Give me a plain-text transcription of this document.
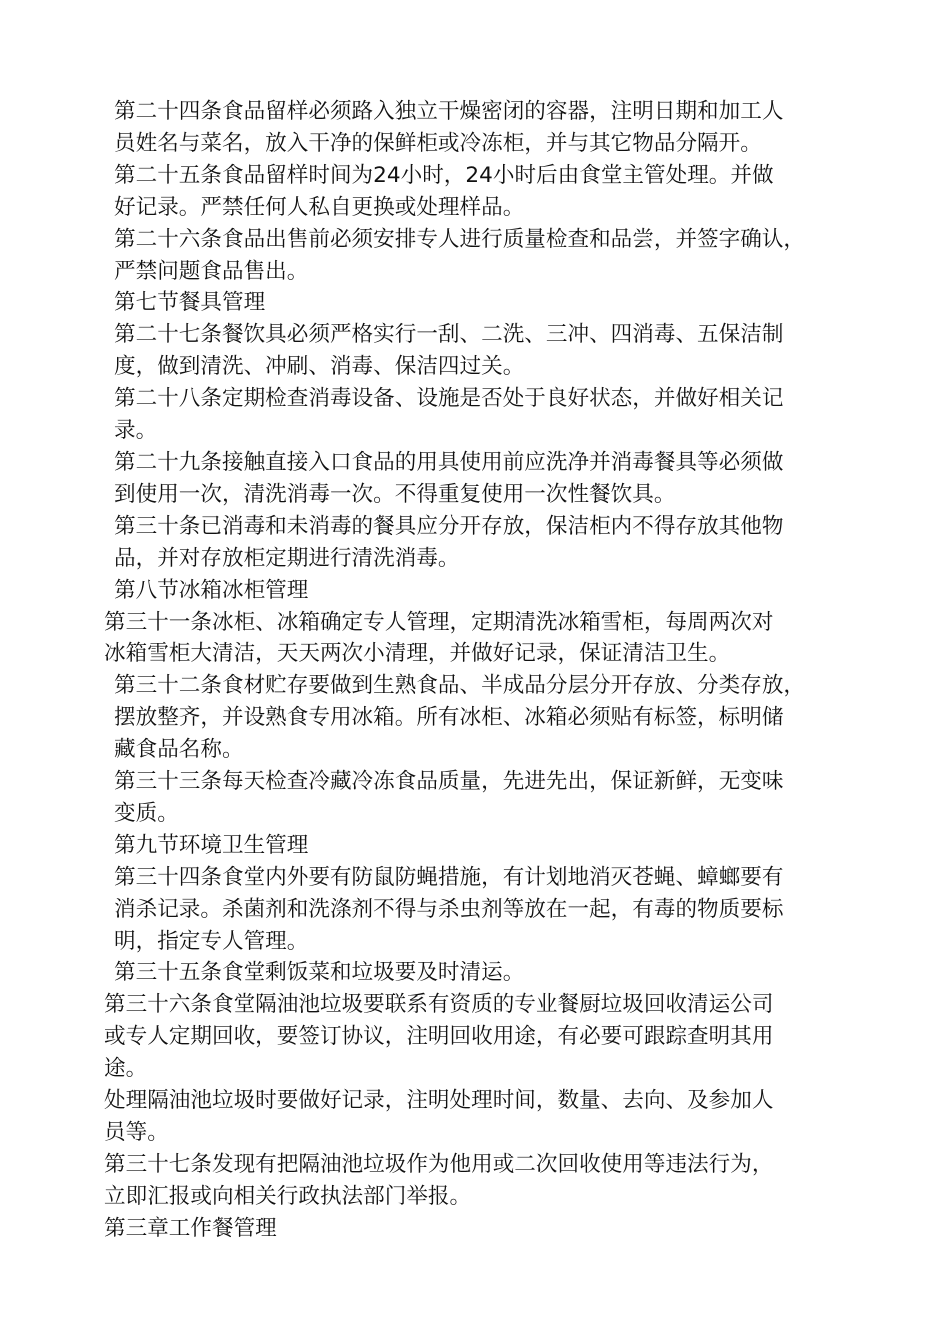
第二十四条食品留样必须路入独立干燥密闭的容器，注明日期和加工人
员姓名与菜名，放入干净的保鲜柜或冷冻柜，并与其它物品分隔开。
第二十五条食品留样时间为24小时，24小时后由食堂主管处理。并做
好记录。严禁任何人私自更换或处理样品。
第二十六条食品出售前必须安排专人进行质量检查和品尝，并签字确认，
严禁问题食品售出。
第七节餐具管理
第二十七条餐饮具必须严格实行一刮、二洗、三冲、四消毒、五保洁制
度，做到清洗、冲刷、消毒、保洁四过关。
第二十八条定期检查消毒设备、设施是否处于良好状态，并做好相关记
录。
第二十九条接触直接入口食品的用具使用前应洗净并消毒餐具等必须做
到使用一次，清洗消毒一次。不得重复使用一次性餐饮具。
第三十条已消毒和未消毒的餐具应分开存放，保洁柜内不得存放其他物
品，并对存放柜定期进行清洗消毒。
第八节冰箱冰柜管理
第三十一条冰柜、冰箱确定专人管理，定期清洗冰箱雪柜，每周两次对
冰箱雪柜大清洁，天天两次小清理，并做好记录，保证清洁卫生。
第三十二条食材贮存要做到生熟食品、半成品分层分开存放、分类存放，
摆放整齐，并设熟食专用冰箱。所有冰柜、冰箱必须贴有标签，标明储
藏食品名称。
第三十三条每天检查冷藏冷冻食品质量，先进先出，保证新鲜，无变味
变质。
第九节环境卫生管理
第三十四条食堂内外要有防鼠防蝇措施，有计划地消灭苍蝇、蟑螂要有
消杀记录。杀菌剂和洗涤剂不得与杀虫剂等放在一起，有毒的物质要标
明，指定专人管理。
第三十五条食堂剩饭菜和垃圾要及时清运。
第三十六条食堂隔油池垃圾要联系有资质的专业餐厨垃圾回收清运公司
或专人定期回收，要签订协议，注明回收用途，有必要可跟踪查明其用
途。
处理隔油池垃圾时要做好记录，注明处理时间，数量、去向、及参加人
员等。
第三十七条发现有把隔油池垃圾作为他用或二次回收使用等违法行为，
立即汇报或向相关行政执法部门举报。
第三章工作餐管理
